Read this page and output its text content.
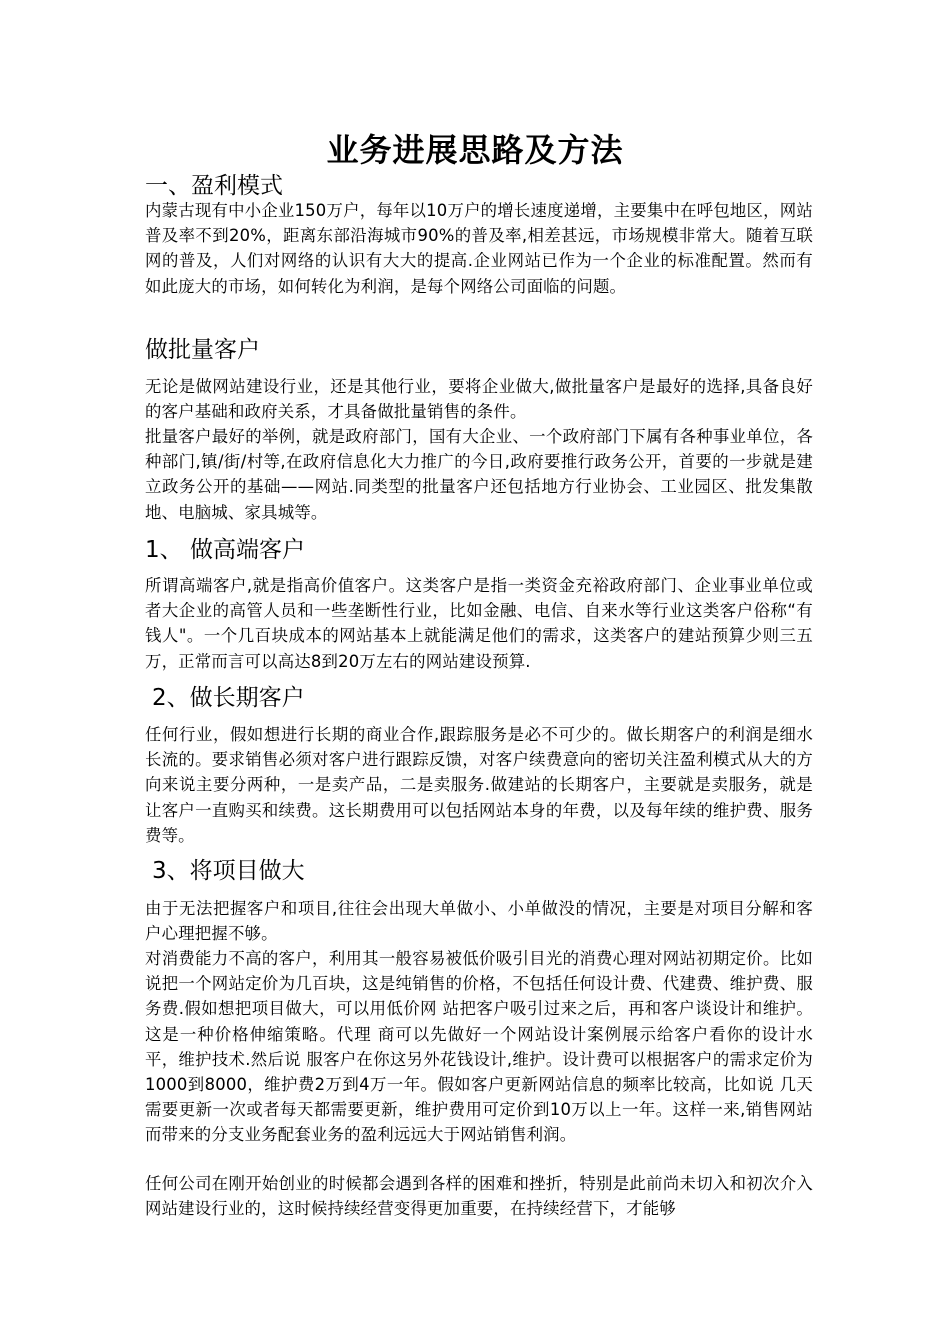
业务进展思路及方法
一、盈利模式
内蒙古现有中小企业150万户，每年以10万户的增长速度递增，主要集中在呼包地区，网站普及率不到20%，距离东部沿海城市90%的普及率,相差甚远，市场规模非常大。随着互联网的普及，人们对网络的认识有大大的提高.企业网站已作为一个企业的标准配置。然而有如此庞大的市场，如何转化为利润，是每个网络公司面临的问题。
做批量客户
无论是做网站建设行业，还是其他行业，要将企业做大,做批量客户是最好的选择,具备良好的客户基础和政府关系，才具备做批量销售的条件。
批量客户最好的举例，就是政府部门，国有大企业、一个政府部门下属有各种事业单位，各种部门,镇/街/村等,在政府信息化大力推广的今日,政府要推行政务公开，首要的一步就是建立政务公开的基础——网站.同类型的批量客户还包括地方行业协会、工业园区、批发集散地、电脑城、家具城等。
1、 做高端客户
所谓高端客户,就是指高价值客户。这类客户是指一类资金充裕政府部门、企业事业单位或者大企业的高管人员和一些垄断性行业，比如金融、电信、自来水等行业这类客户俗称“有钱人"。一个几百块成本的网站基本上就能满足他们的需求，这类客户的建站预算少则三五万，正常而言可以高达8到20万左右的网站建设预算.
2、做长期客户
任何行业，假如想进行长期的商业合作,跟踪服务是必不可少的。做长期客户的利润是细水长流的。要求销售必须对客户进行跟踪反馈，对客户续费意向的密切关注盈利模式从大的方向来说主要分两种，一是卖产品，二是卖服务.做建站的长期客户，主要就是卖服务，就是让客户一直购买和续费。这长期费用可以包括网站本身的年费，以及每年续的维护费、服务费等。
3、将项目做大
由于无法把握客户和项目,往往会出现大单做小、小单做没的情况，主要是对项目分解和客户心理把握不够。
对消费能力不高的客户，利用其一般容易被低价吸引目光的消费心理对网站初期定价。比如说把一个网站定价为几百块，这是纯销售的价格，不包括任何设计费、代建费、维护费、服务费.假如想把项目做大，可以用低价网 站把客户吸引过来之后，再和客户谈设计和维护。这是一种价格伸缩策略。代理 商可以先做好一个网站设计案例展示给客户看你的设计水平，维护技术.然后说 服客户在你这另外花钱设计,维护。设计费可以根据客户的需求定价为1000到8000，维护费2万到4万一年。假如客户更新网站信息的频率比较高，比如说 几天需要更新一次或者每天都需要更新，维护费用可定价到10万以上一年。这样一来,销售网站而带来的分支业务配套业务的盈利远远大于网站销售利润。
任何公司在刚开始创业的时候都会遇到各样的困难和挫折，特别是此前尚未切入和初次介入网站建设行业的，这时候持续经营变得更加重要，在持续经营下，才能够
